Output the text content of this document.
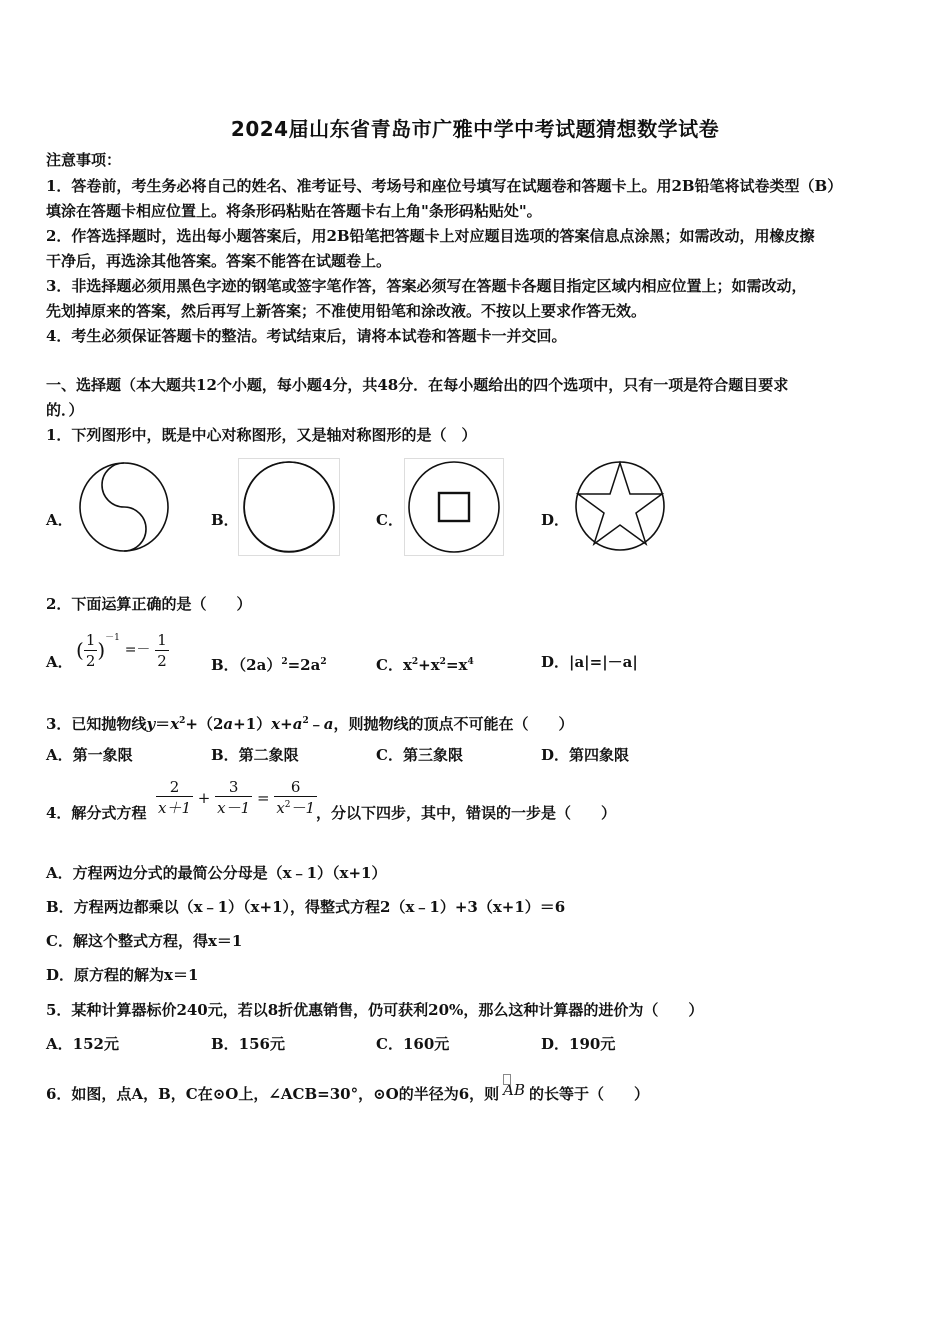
2024届山东省青岛市广雅中学中考试题猜想数学试卷
注意事项：
1．答卷前，考生务必将自己的姓名、准考证号、考场号和座位号填写在试题卷和答题卡上。用2B铅笔将试卷类型（B）
填涂在答题卡相应位置上。将条形码粘贴在答题卡右上角"条形码粘贴处"。
2．作答选择题时，选出每小题答案后，用2B铅笔把答题卡上对应题目选项的答案信息点涂黑；如需改动，用橡皮擦
干净后，再选涂其他答案。答案不能答在试题卷上。
3．非选择题必须用黑色字迹的钢笔或签字笔作答，答案必须写在答题卡各题目指定区域内相应位置上；如需改动，
先划掉原来的答案，然后再写上新答案；不准使用铅笔和涂改液。不按以上要求作答无效。
4．考生必须保证答题卡的整洁。考试结束后，请将本试卷和答题卡一并交回。
一、选择题（本大题共12个小题，每小题4分，共48分．在每小题给出的四个选项中，只有一项是符合题目要求
的．）
1．下列图形中，既是中心对称图形，又是轴对称图形的是（　）
A．	B．	C．	D．
2．下面运算正确的是（　　）
A． ( $\frac{1}{2} )^{-1} =- \frac{1}{2}$	B．$(2a)^2=2a^2$	C．$x^2+x^2=x^4$	D．|a|=|－a|
3．已知抛物线$y=x^2+(2a+1)x+a^2﹣a$，则抛物线的顶点不可能在（　　）
A．第一象限	B．第二象限	C．第三象限	D．第四象限
4．解分式方程 $\frac{2}{x+1} + \frac{3}{x-1} = \frac{6}{x^2-1}$
，分以下四步，其中，错误的一步是（　　）
A．方程两边分式的最简公分母是（x﹣1）（x+1）
B．方程两边都乘以（x﹣1）（x+1），得整式方程2（x﹣1）+3（x+1）＝6
C．解这个整式方程，得x＝1
D．原方程的解为x＝1
5．某种计算器标价240元，若以8折优惠销售，仍可获利20%，那么这种计算器的进价为（　　）
A．152元	B．156元	C．160元	D．190元
6．如图，点A，B，C在⊙O上，∠ACB=30°，⊙O的半径为6，则 AB 的长等于（　　）
